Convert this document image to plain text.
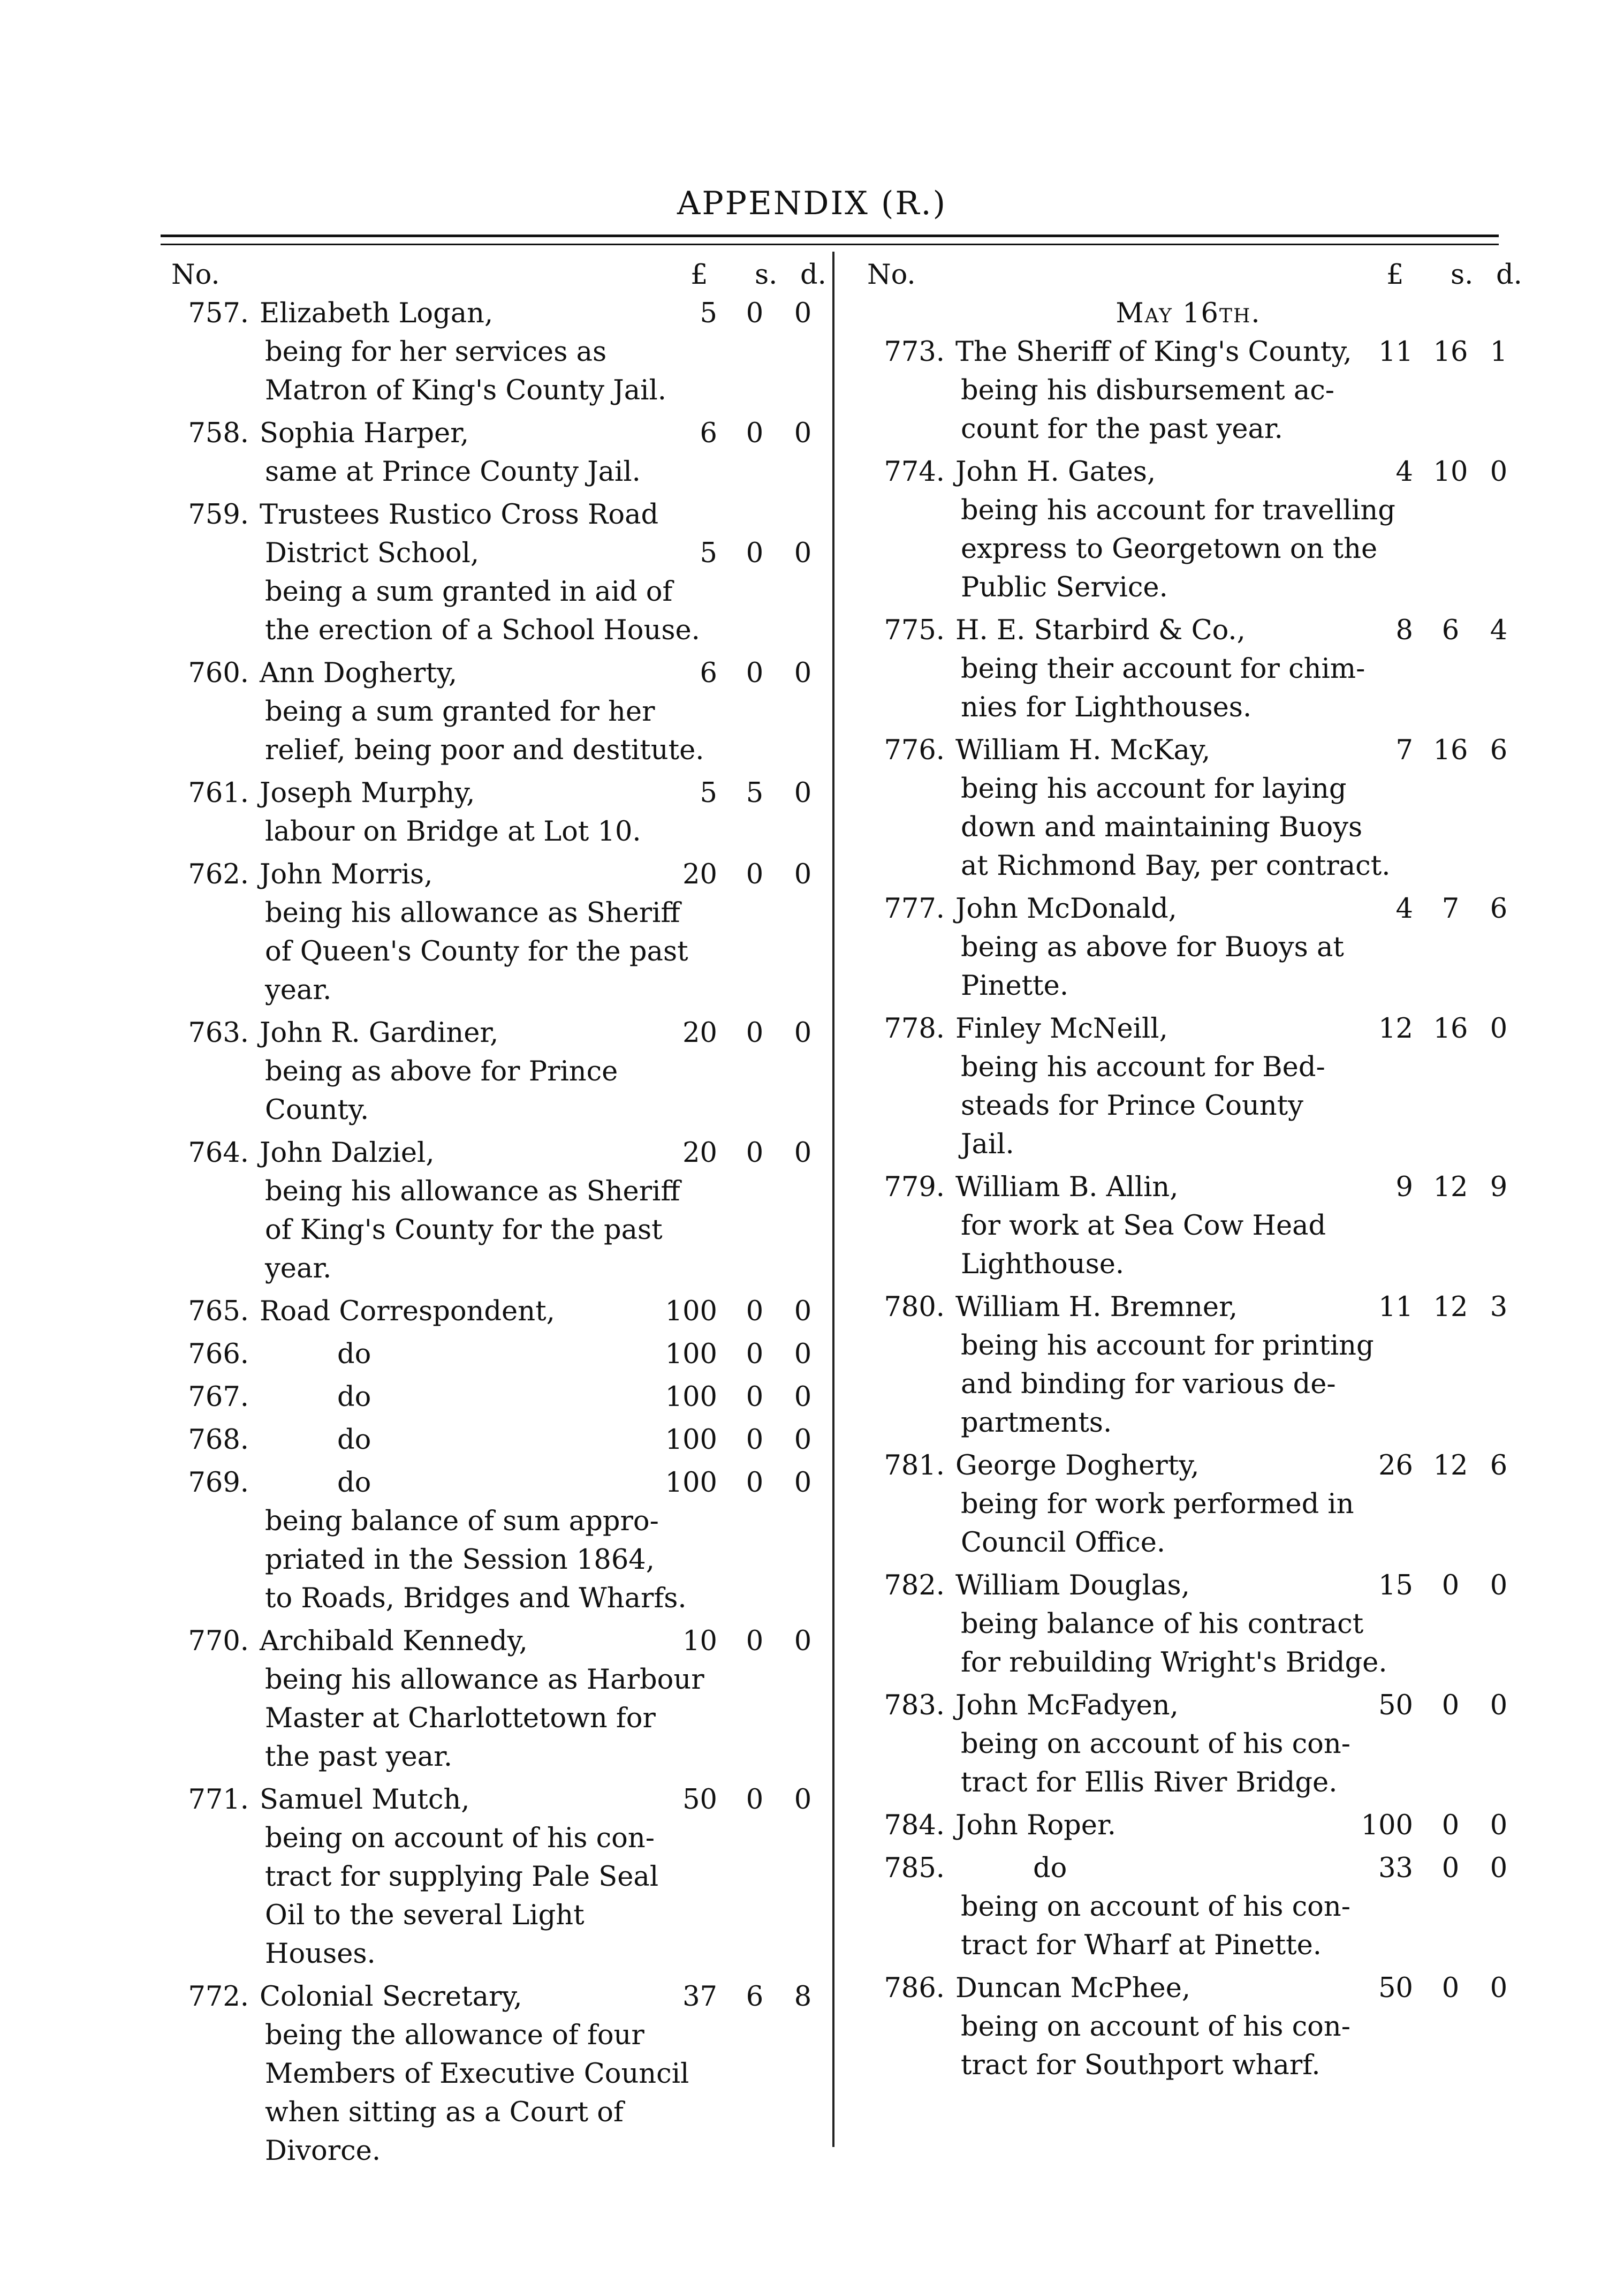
APPENDIX (R.)
No.	£ s. d.
757. Elizabeth Logan,	5	0	0
being for her services as
Matron of King's County Jail.
758. Sophia Harper,	6	0	0
same at Prince County Jail.
759. Trustees Rustico Cross Road
District School,	5	0	0
being a sum granted in aid of
the erection of a School House.
760. Ann Dogherty,	6	0	0
being a sum granted for her
relief, being poor and destitute.
761. Joseph Murphy,	5	5	0
labour on Bridge at Lot 10.
762. John Morris,	20	0	0
being his allowance as Sheriff
of Queen's County for the past
year.
763. John R. Gardiner,	20	0	0
being as above for Prince
County.
764. John Dalziel,	20	0	0
being his allowance as Sheriff
of King's County for the past
year.
765. Road Correspondent,	100	0	0
766.	do	100	0	0
767.	do	100	0	0
768.	do	100	0	0
769.	do	100	0	0
being balance of sum appro-
priated in the Session 1864,
to Roads, Bridges and Wharfs.
770. Archibald Kennedy,	10	0	0
being his allowance as Harbour
Master at Charlottetown for
the past year.
771. Samuel Mutch,	50	0	0
being on account of his con-
tract for supplying Pale Seal
Oil to the several Light
Houses.
772. Colonial Secretary,	37	6	8
being the allowance of four
Members of Executive Council
when sitting as a Court of
Divorce.
No.	£ s. d.
May 16th.
773. The Sheriff of King's County, 11 16 1
being his disbursement ac-
count for the past year.
774. John H. Gates,	4 10 0
being his account for travelling
express to Georgetown on the
Public Service.
775. H. E. Starbird & Co.,	8	6	4
being their account for chim-
nies for Lighthouses.
776. William H. McKay,	7 16 6
being his account for laying
down and maintaining Buoys
at Richmond Bay, per contract.
777. John McDonald,	4	7	6
being as above for Buoys at
Pinette.
778. Finley McNeill,	12 16 0
being his account for Bed-
steads for Prince County
Jail.
779. William B. Allin,	9 12 9
for work at Sea Cow Head
Lighthouse.
780. William H. Bremner,	11 12 3
being his account for printing
and binding for various de-
partments.
781. George Dogherty,	26 12 6
being for work performed in
Council Office.
782. William Douglas,	15	0	0
being balance of his contract
for rebuilding Wright's Bridge.
783. John McFadyen,	50	0	0
being on account of his con-
tract for Ellis River Bridge.
784. John Roper.	100	0	0
785.	do	33	0	0
being on account of his con-
tract for Wharf at Pinette.
786. Duncan McPhee,	50	0	0
being on account of his con-
tract for Southport wharf.
